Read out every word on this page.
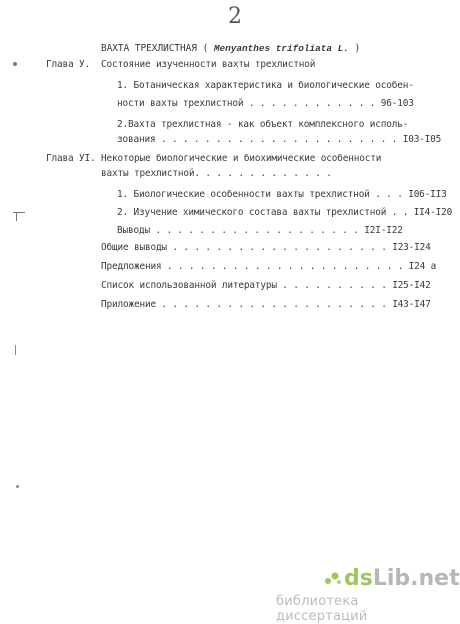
2
ВАХТА ТРЕХЛИСТНАЯ ( Menyanthes trifoliata L. )
Глава У. Состояние изученности вахты трехлистной
1. Ботаническая характеристика и биологические особен-
ности вахты трехлистной . . . . . . . . . . . . 96-103
2.Вахта трехлистная - как объект комплексного исполь-
зования . . . . . . . . . . . . . . . . . . . . . . I03-I05
Глава УI. Некоторые биологические и биохимические особенности
вахты трехлистной. . . . . . . . . . . . .
1. Биологические особенности вахты трехлистной . . . I06-II3
2. Изучение химического состава вахты трехлистной . . II4-I20
Выводы . . . . . . . . . . . . . . . . . . . I2I-I22
Общие выводы . . . . . . . . . . . . . . . . . . . . I23-I24
Предложения . . . . . . . . . . . . . . . . . . . . . . I24 а
Список использованной литературы . . . . . . . . . . I25-I42
Приложение . . . . . . . . . . . . . . . . . . . . . I43-I47
dsLib.net
библиотека диссертаций
